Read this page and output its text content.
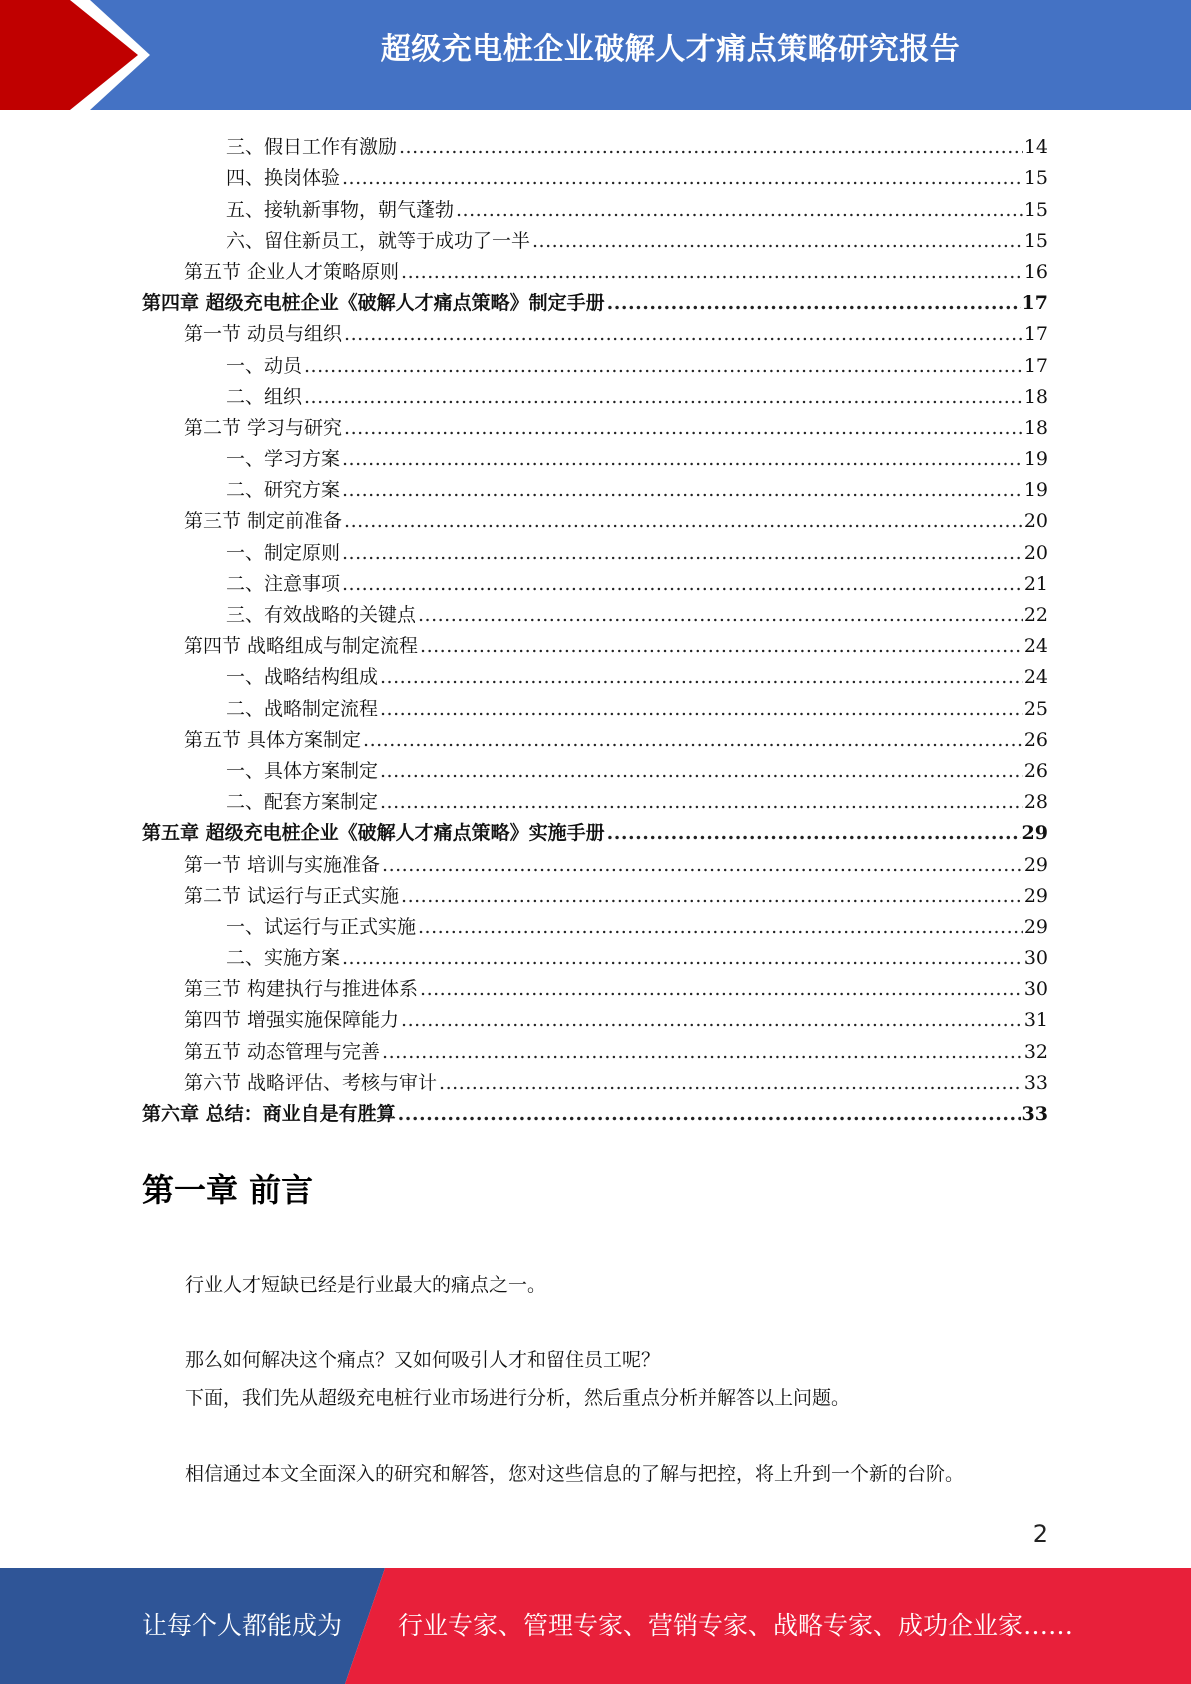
超级充电桩企业破解人才痛点策略研究报告
三、假日工作有激励 .....	14
四、换岗体验 .....	15
五、接轨新事物，朝气蓬勃 .....	15
六、留住新员工，就等于成功了一半 .....	15
第五节 企业人才策略原则 .....	16
第四章 超级充电桩企业《破解人才痛点策略》制定手册 .....	17
第一节 动员与组织 .....	17
一、动员 .....	17
二、组织 .....	18
第二节 学习与研究 .....	18
一、学习方案 .....	19
二、研究方案 .....	19
第三节 制定前准备 .....	20
一、制定原则 .....	20
二、注意事项 .....	21
三、有效战略的关键点 .....	22
第四节 战略组成与制定流程 .....	24
一、战略结构组成 .....	24
二、战略制定流程 .....	25
第五节 具体方案制定 .....	26
一、具体方案制定 .....	26
二、配套方案制定 .....	28
第五章 超级充电桩企业《破解人才痛点策略》实施手册 .....	29
第一节 培训与实施准备 .....	29
第二节 试运行与正式实施 .....	29
一、试运行与正式实施 .....	29
二、实施方案 .....	30
第三节 构建执行与推进体系 .....	30
第四节 增强实施保障能力 .....	31
第五节 动态管理与完善 .....	32
第六节 战略评估、考核与审计 .....	33
第六章 总结：商业自是有胜算 .....	33
第一章 前言
行业人才短缺已经是行业最大的痛点之一。
那么如何解决这个痛点？又如何吸引人才和留住员工呢？
下面，我们先从超级充电桩行业市场进行分析，然后重点分析并解答以上问题。
相信通过本文全面深入的研究和解答，您对这些信息的了解与把控，将上升到一个新的台阶。
2
让每个人都能成为 行业专家、管理专家、营销专家、战略专家、成功企业家……
